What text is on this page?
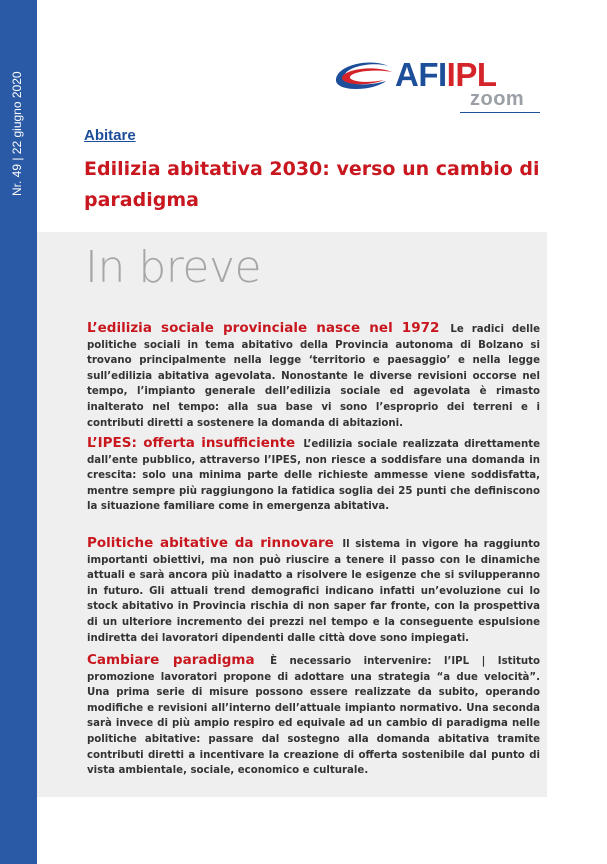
Nr. 49 | 22 giugno 2020	AFIIPL
zoom
Abitare
Edilizia abitativa 2030: verso un cambio di paradigma
In breve
L’edilizia sociale provinciale nasce nel 1972 Le radici delle politiche sociali in tema abitativo della Provincia autonoma di Bolzano si trovano principalmente nella legge ‘territorio e paesaggio’ e nella legge sull’edilizia abitativa agevolata. Nonostante le diverse revisioni occorse nel tempo, l’impianto generale dell’edilizia sociale ed agevolata è rimasto inalterato nel tempo: alla sua base vi sono l’esproprio dei terreni e i contributi diretti a sostenere la domanda di abitazioni.
L’IPES: offerta insufficiente L’edilizia sociale realizzata direttamente dall’ente pubblico, attraverso l’IPES, non riesce a soddisfare una domanda in crescita: solo una minima parte delle richieste ammesse viene soddisfatta, mentre sempre più raggiungono la fatidica soglia dei 25 punti che definiscono la situazione familiare come in emergenza abitativa.
Politiche abitative da rinnovare Il sistema in vigore ha raggiunto importanti obiettivi, ma non può riuscire a tenere il passo con le dinamiche attuali e sarà ancora più inadatto a risolvere le esigenze che si svilupperanno in futuro. Gli attuali trend demografici indicano infatti un’evoluzione cui lo stock abitativo in Provincia rischia di non saper far fronte, con la prospettiva di un ulteriore incremento dei prezzi nel tempo e la conseguente espulsione indiretta dei lavoratori dipendenti dalle città dove sono impiegati.
Cambiare paradigma È necessario intervenire: l’IPL | Istituto promozione lavoratori propone di adottare una strategia “a due velocità”. Una prima serie di misure possono essere realizzate da subito, operando modifiche e revisioni all’interno dell’attuale impianto normativo. Una seconda sarà invece di più ampio respiro ed equivale ad un cambio di paradigma nelle politiche abitative: passare dal sostegno alla domanda abitativa tramite contributi diretti a incentivare la creazione di offerta sostenibile dal punto di vista ambientale, sociale, economico e culturale.
